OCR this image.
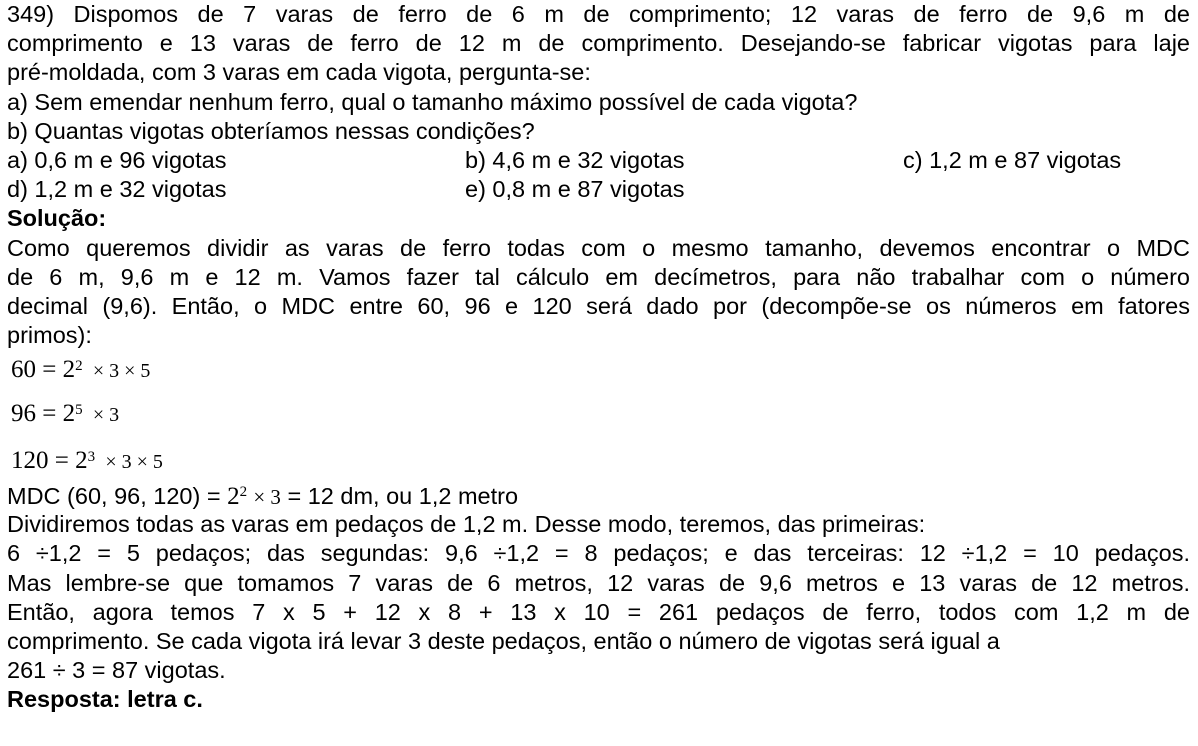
349) Dispomos de 7 varas de ferro de 6 m de comprimento; 12 varas de ferro de 9,6 m de
comprimento e 13 varas de ferro de 12 m de comprimento. Desejando-se fabricar vigotas para laje
pré-moldada, com 3 varas em cada vigota, pergunta-se:
a) Sem emendar nenhum ferro, qual o tamanho máximo possível de cada vigota?
b) Quantas vigotas obteríamos nessas condições?
a) 0,6 m e 96 vigotas	b) 4,6 m e 32 vigotas	c) 1,2 m e 87 vigotas
d) 1,2 m e 32 vigotas	e) 0,8 m e 87 vigotas
Solução:
Como queremos dividir as varas de ferro todas com o mesmo tamanho, devemos encontrar o MDC
de 6 m, 9,6 m e 12 m. Vamos fazer tal cálculo em decímetros, para não trabalhar com o número
decimal (9,6). Então, o MDC entre 60, 96 e 120 será dado por (decompõe-se os números em fatores
primos):
$60 = 2^2 \times 3 \times 5$
$96 = 2^5 \times 3$
$120 = 2^3 \times 3 \times 5$
MDC (60, 96, $120) = 2^2 \times 3 = 12$ dm, ou 1,2 metro
Dividiremos todas as varas em pedaços de 1,2 m. Desse modo, teremos, das primeiras:
6 ÷1,2 = 5 pedaços; das segundas: 9,6 ÷1,2 = 8 pedaços; e das terceiras: 12 ÷1,2 = 10 pedaços.
Mas lembre-se que tomamos 7 varas de 6 metros, 12 varas de 9,6 metros e 13 varas de 12 metros.
Então, agora temos 7 x 5 + 12 x 8 + 13 x 10 = 261 pedaços de ferro, todos com 1,2 m de
comprimento. Se cada vigota irá levar 3 deste pedaços, então o número de vigotas será igual a
261 ÷ 3 = 87 vigotas.
Resposta: letra c.
